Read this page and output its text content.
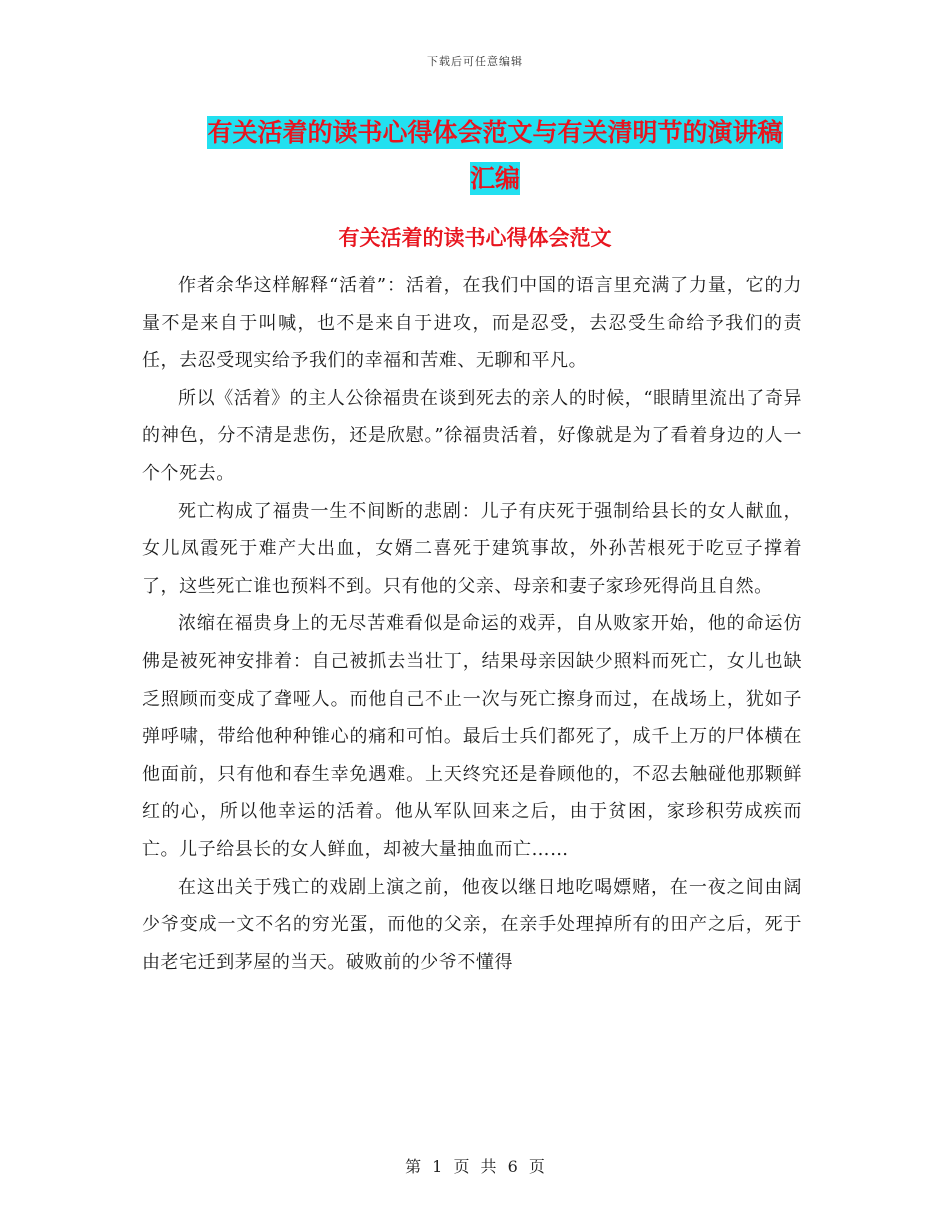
下载后可任意编辑
有关活着的读书心得体会范文与有关清明节的演讲稿
汇编
有关活着的读书心得体会范文

作者余华这样解释“活着”：活着，在我们中国的语言里充满了力量，它的力量不是来自于叫喊，也不是来自于进攻，而是忍受，去忍受生命给予我们的责任，去忍受现实给予我们的幸福和苦难、无聊和平凡。

所以《活着》的主人公徐福贵在谈到死去的亲人的时候，“眼睛里流出了奇异的神色，分不清是悲伤，还是欣慰。”徐福贵活着，好像就是为了看着身边的人一个个死去。

死亡构成了福贵一生不间断的悲剧：儿子有庆死于强制给县长的女人献血，女儿凤霞死于难产大出血，女婿二喜死于建筑事故，外孙苦根死于吃豆子撑着了，这些死亡谁也预料不到。只有他的父亲、母亲和妻子家珍死得尚且自然。

浓缩在福贵身上的无尽苦难看似是命运的戏弄，自从败家开始，他的命运仿佛是被死神安排着：自己被抓去当壮丁，结果母亲因缺少照料而死亡，女儿也缺乏照顾而变成了聋哑人。而他自己不止一次与死亡擦身而过，在战场上，犹如子弹呼啸，带给他种种锥心的痛和可怕。最后士兵们都死了，成千上万的尸体横在他面前，只有他和春生幸免遇难。上天终究还是眷顾他的，不忍去触碰他那颗鲜红的心，所以他幸运的活着。他从军队回来之后，由于贫困，家珍积劳成疾而亡。儿子给县长的女人鲜血，却被大量抽血而亡……

在这出关于残亡的戏剧上演之前，他夜以继日地吃喝嫖赌，在一夜之间由阔少爷变成一文不名的穷光蛋，而他的父亲，在亲手处理掉所有的田产之后，死于由老宅迁到茅屋的当天。破败前的少爷不懂得

第 1 页 共 6 页
